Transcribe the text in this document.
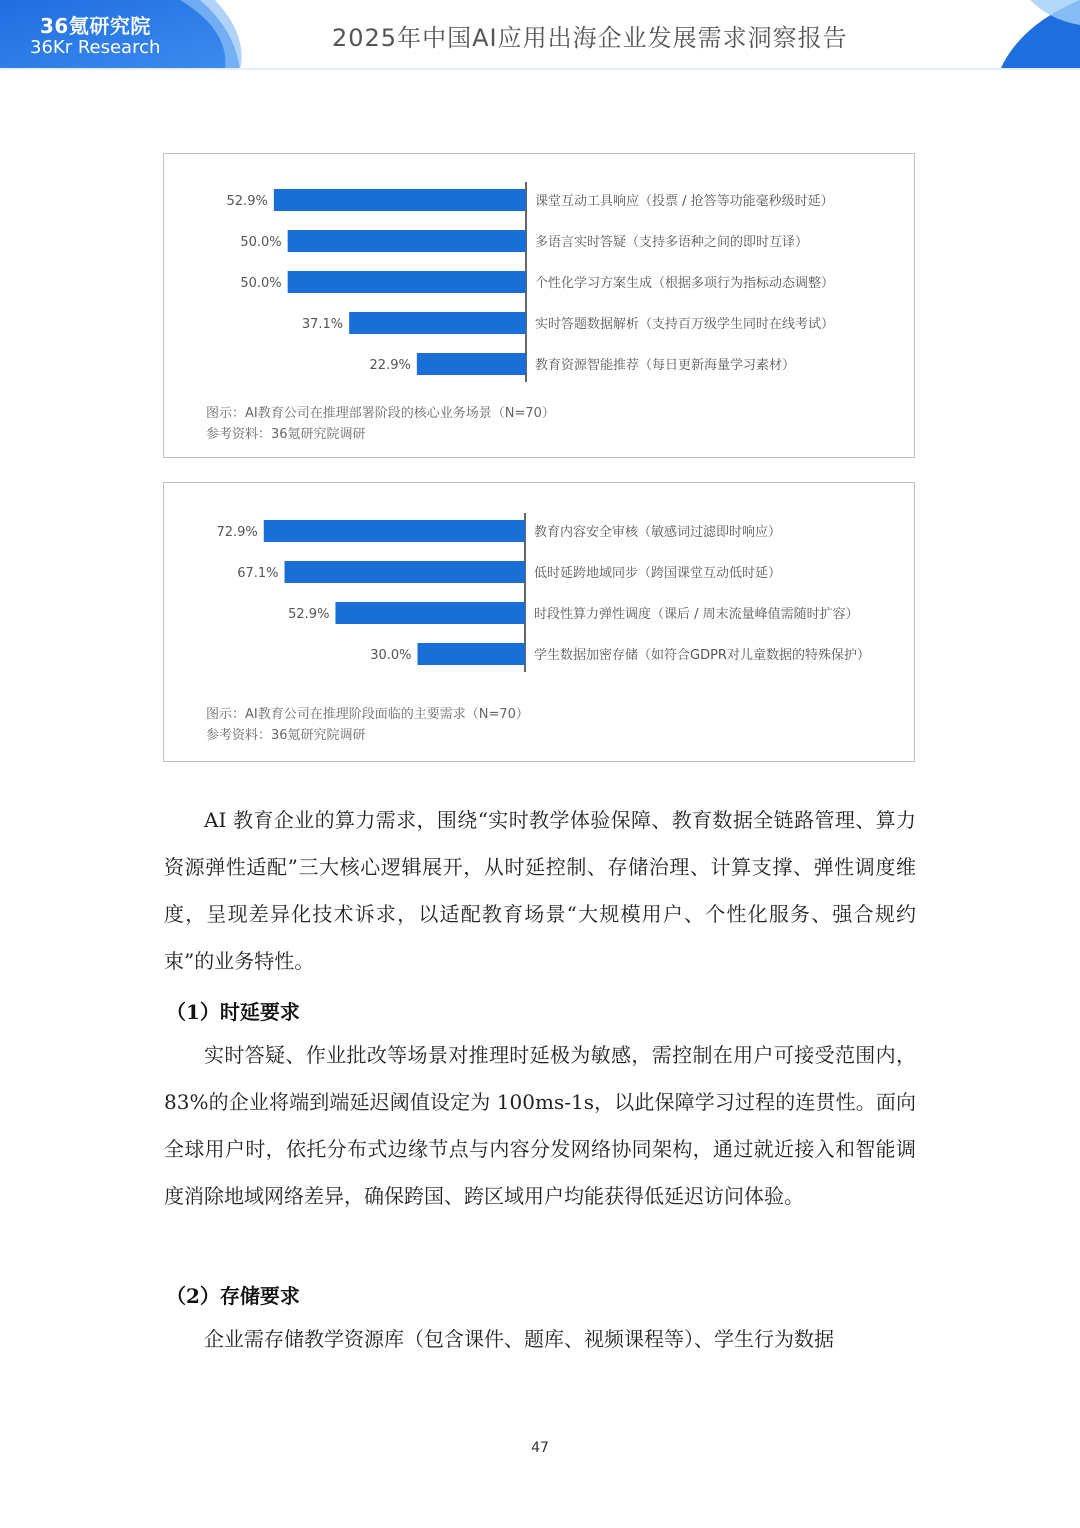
36氪研究院
36Kr Research	2025年中国AI应用出海企业发展需求洞察报告
52.9%	课堂互动工具响应（投票 / 抢答等功能毫秒级时延）
50.0%	多语言实时答疑（支持多语种之间的即时互译）
50.0%	个性化学习方案生成（根据多项行为指标动态调整）
37.1%	实时答题数据解析（支持百万级学生同时在线考试）
22.9%	教育资源智能推荐（每日更新海量学习素材）
图示：AI教育公司在推理部署阶段的核心业务场景（N=70）
参考资料：36氪研究院调研
72.9%	教育内容安全审核（敏感词过滤即时响应）
67.1%	低时延跨地域同步（跨国课堂互动低时延）
52.9%	时段性算力弹性调度（课后 / 周末流量峰值需随时扩容）
30.0%	学生数据加密存储（如符合GDPR对儿童数据的特殊保护）
图示：AI教育公司在推理阶段面临的主要需求（N=70）
参考资料：36氪研究院调研
AI 教育企业的算力需求，围绕“实时教学体验保障、教育数据全链路管理、算力资源弹性适配”三大核心逻辑展开，从时延控制、存储治理、计算支撑、弹性调度维度，呈现差异化技术诉求，以适配教育场景“大规模用户、个性化服务、强合规约束”的业务特性。
（1）时延要求
实时答疑、作业批改等场景对推理时延极为敏感，需控制在用户可接受范围内，83%的企业将端到端延迟阈值设定为 100ms-1s，以此保障学习过程的连贯性。面向全球用户时，依托分布式边缘节点与内容分发网络协同架构，通过就近接入和智能调度消除地域网络差异，确保跨国、跨区域用户均能获得低延迟访问体验。
（2）存储要求
企业需存储教学资源库（包含课件、题库、视频课程等）、学生行为数据
47
